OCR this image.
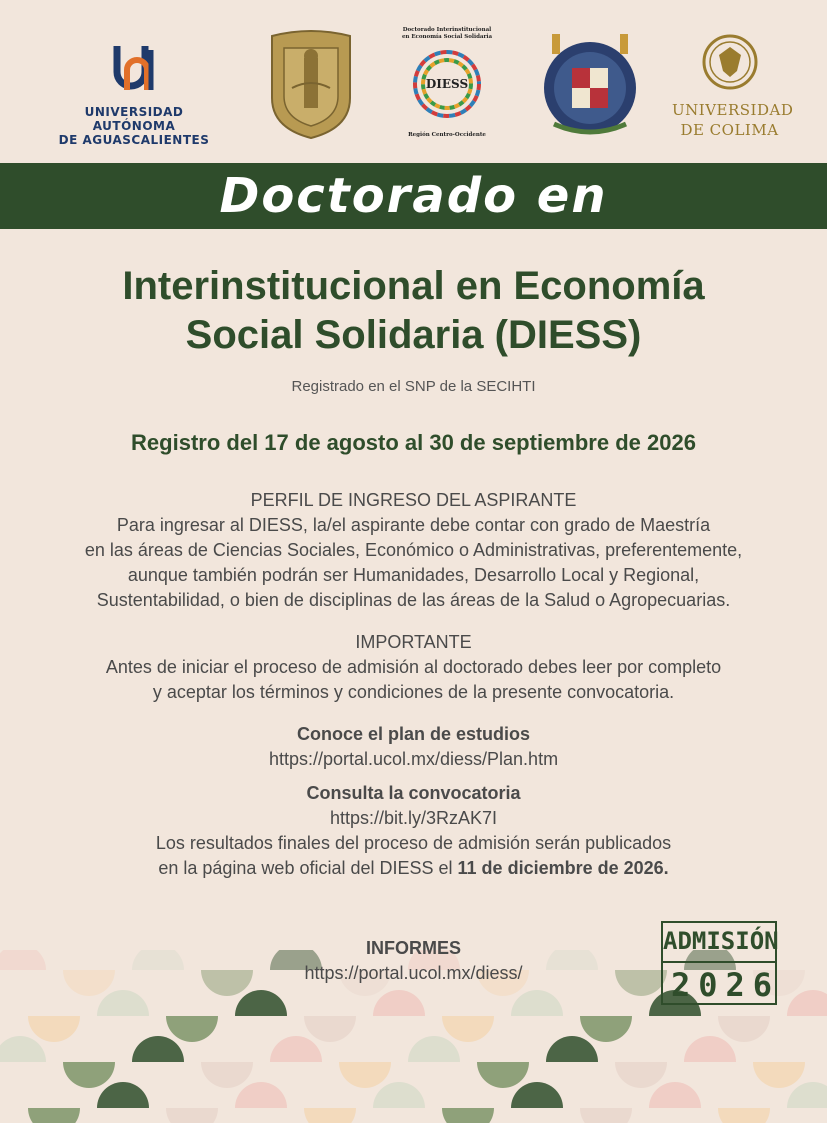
UNIVERSIDAD AUTÓNOMA
DE AGUASCALIENTES
Doctorado Interinstitucional
en Economía Social Solidaria
DIESS
Región Centro-Occidente
UNIVERSIDAD
DE COLIMA
Doctorado en
Interinstitucional en Economía
Social Solidaria (DIESS)
Registrado en el SNP de la SECIHTI
Registro del 17 de agosto al 30 de septiembre de 2026
PERFIL DE INGRESO DEL ASPIRANTE
Para ingresar al DIESS, la/el aspirante debe contar con grado de Maestría
en las áreas de Ciencias Sociales, Económico o Administrativas, preferentemente,
aunque también podrán ser Humanidades, Desarrollo Local y Regional,
Sustentabilidad, o bien de disciplinas de las áreas de la Salud o Agropecuarias.
IMPORTANTE
Antes de iniciar el proceso de admisión al doctorado debes leer por completo
y aceptar los términos y condiciones de la presente convocatoria.
Conoce el plan de estudios
https://portal.ucol.mx/diess/Plan.htm
Consulta la convocatoria
https://bit.ly/3RzAK7I
Los resultados finales del proceso de admisión serán publicados
en la página web oficial del DIESS el 11 de diciembre de 2026.
INFORMES
https://portal.ucol.mx/diess/
ADMISIÓN
2026
